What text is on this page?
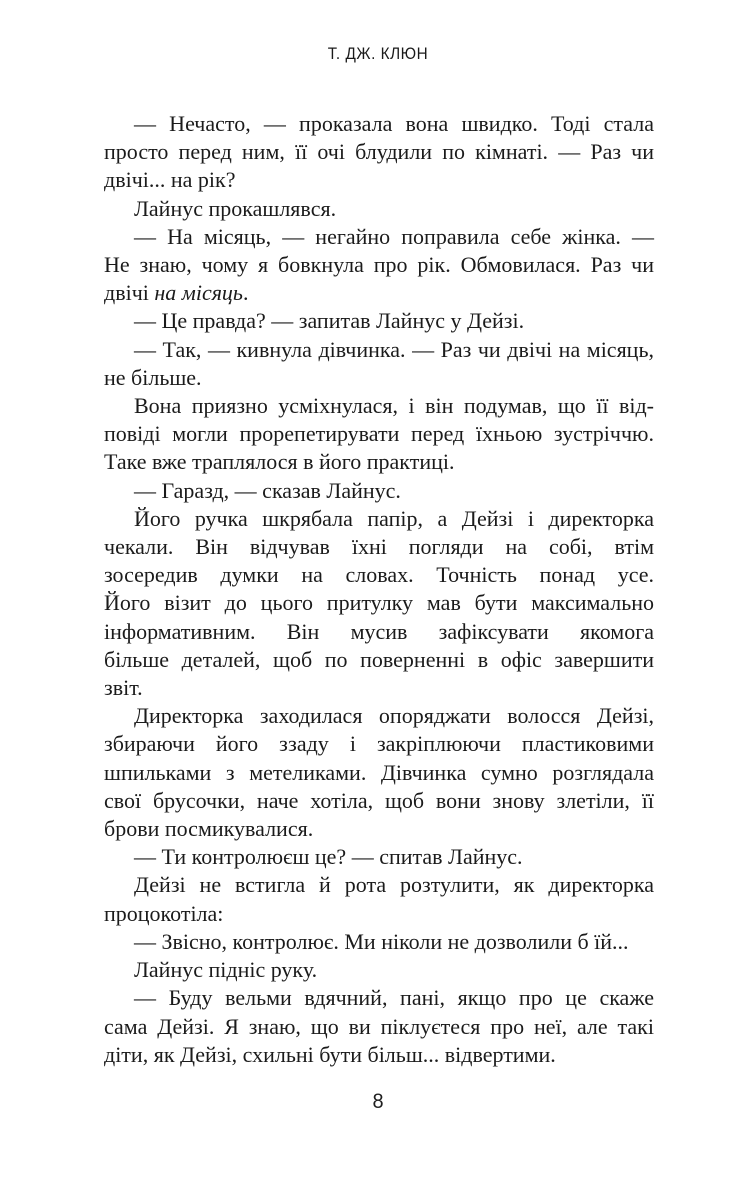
Т. ДЖ. КЛЮН
— Нечасто, — проказала вона швидко. Тоді стала
просто перед ним, її очі блудили по кімнаті. — Раз чи
двічі... на рік?
Лайнус прокашлявся.
— На місяць, — негайно поправила себе жінка. —
Не знаю, чому я бовкнула про рік. Обмовилася. Раз чи
двічі на місяць.
— Це правда? — запитав Лайнус у Дейзі.
— Так, — кивнула дівчинка. — Раз чи двічі на місяць,
не більше.
Вона приязно усміхнулася, і він подумав, що її від-
повіді могли прорепетирувати перед їхньою зустріччю.
Таке вже траплялося в його практиці.
— Гаразд, — сказав Лайнус.
Його ручка шкрябала папір, а Дейзі і директорка
чекали. Він відчував їхні погляди на собі, втім
зосередив думки на словах. Точність понад усе.
Його візит до цього притулку мав бути максимально
інформативним. Він мусив зафіксувати якомога
більше деталей, щоб по поверненні в офіс завершити
звіт.
Директорка заходилася опоряджати волосся Дейзі,
збираючи його ззаду і закріплюючи пластиковими
шпильками з метеликами. Дівчинка сумно розглядала
свої брусочки, наче хотіла, щоб вони знову злетіли, її
брови посмикувалися.
— Ти контролюєш це? — спитав Лайнус.
Дейзі не встигла й рота розтулити, як директорка
процокотіла:
— Звісно, контролює. Ми ніколи не дозволили б їй...
Лайнус підніс руку.
— Буду вельми вдячний, пані, якщо про це скаже
сама Дейзі. Я знаю, що ви піклуєтеся про неї, але такі
діти, як Дейзі, схильні бути більш... відвертими.
8
